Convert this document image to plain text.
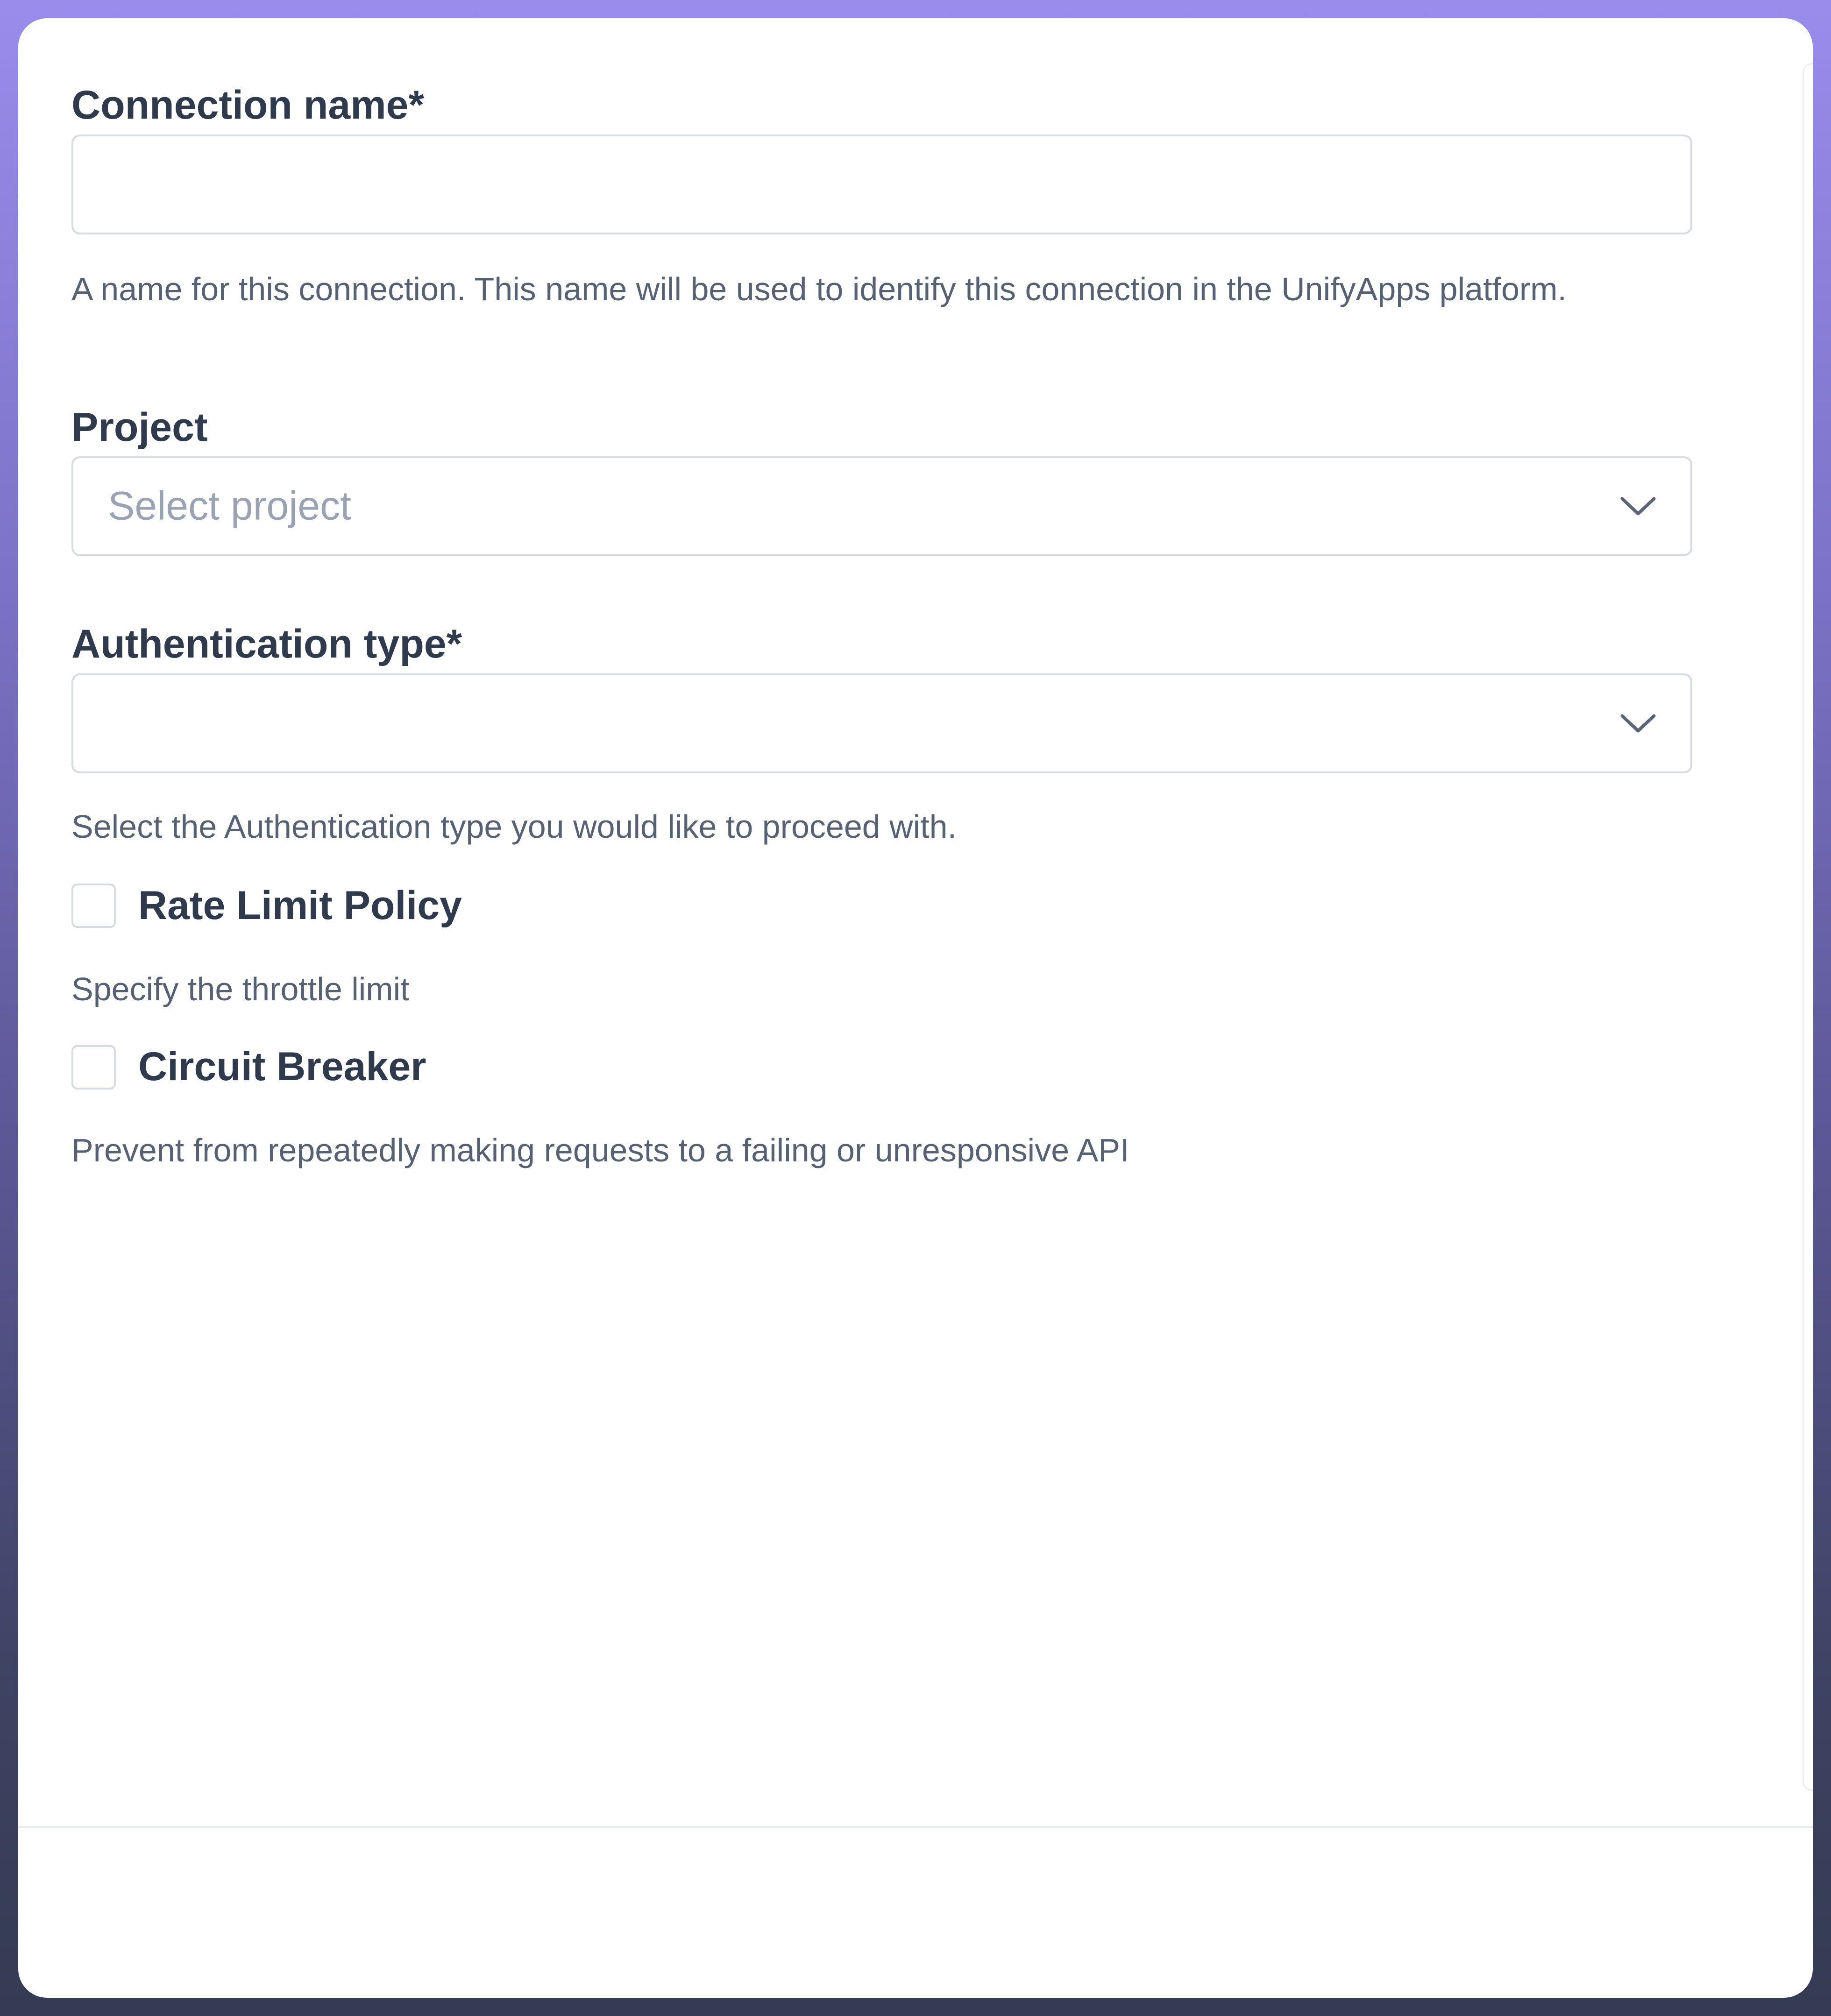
Connection name*
A name for this connection. This name will be used to identify this connection in the UnifyApps platform.
Project
Select project
Authentication type*
Select the Authentication type you would like to proceed with.
Rate Limit Policy
Specify the throttle limit
Circuit Breaker
Prevent from repeatedly making requests to a failing or unresponsive API
